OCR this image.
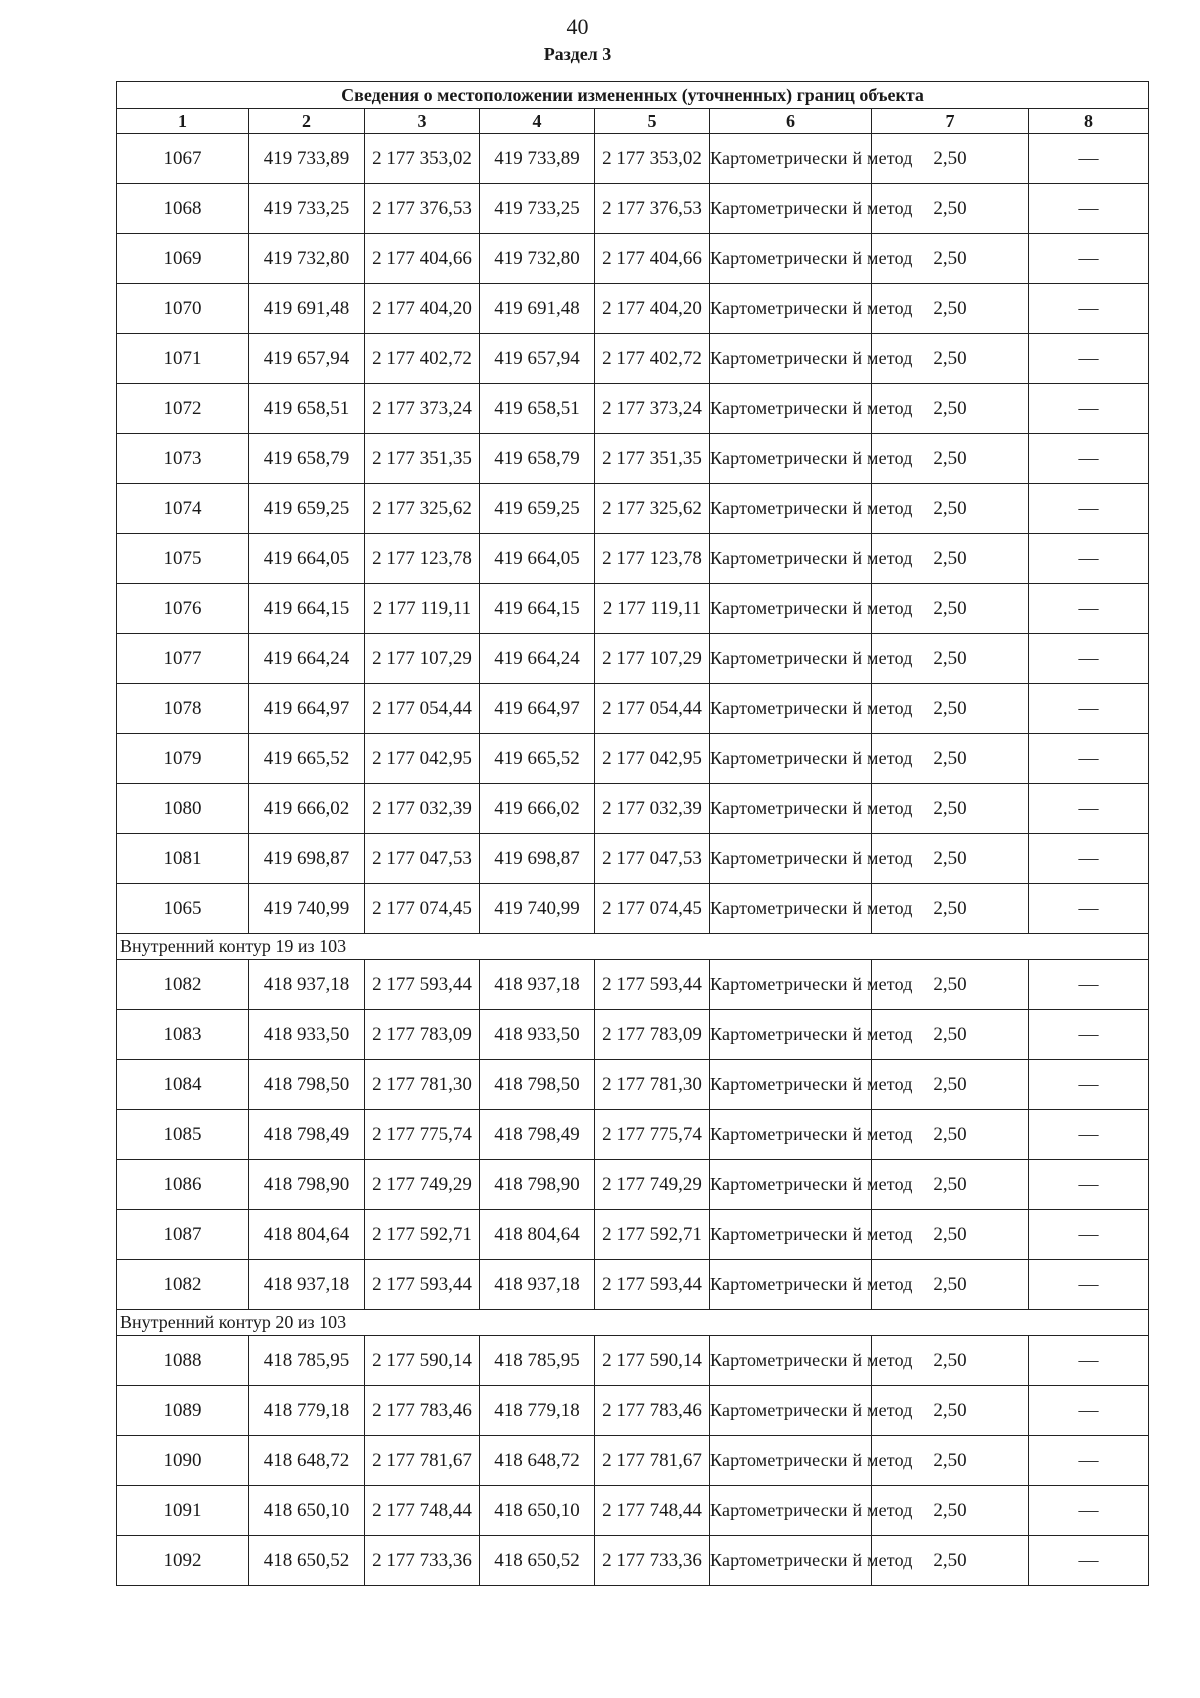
40
Раздел 3
Сведения о местоположении измененных (уточненных) границ объекта							
1	2	3	4	5	6	7	8
1067	419 733,89	2 177 353,02	419 733,89	2 177 353,02	Картометрически й метод	2,50	—
1068	419 733,25	2 177 376,53	419 733,25	2 177 376,53	Картометрически й метод	2,50	—
1069	419 732,80	2 177 404,66	419 732,80	2 177 404,66	Картометрически й метод	2,50	—
1070	419 691,48	2 177 404,20	419 691,48	2 177 404,20	Картометрически й метод	2,50	—
1071	419 657,94	2 177 402,72	419 657,94	2 177 402,72	Картометрически й метод	2,50	—
1072	419 658,51	2 177 373,24	419 658,51	2 177 373,24	Картометрически й метод	2,50	—
1073	419 658,79	2 177 351,35	419 658,79	2 177 351,35	Картометрически й метод	2,50	—
1074	419 659,25	2 177 325,62	419 659,25	2 177 325,62	Картометрически й метод	2,50	—
1075	419 664,05	2 177 123,78	419 664,05	2 177 123,78	Картометрически й метод	2,50	—
1076	419 664,15	2 177 119,11	419 664,15	2 177 119,11	Картометрически й метод	2,50	—
1077	419 664,24	2 177 107,29	419 664,24	2 177 107,29	Картометрически й метод	2,50	—
1078	419 664,97	2 177 054,44	419 664,97	2 177 054,44	Картометрически й метод	2,50	—
1079	419 665,52	2 177 042,95	419 665,52	2 177 042,95	Картометрически й метод	2,50	—
1080	419 666,02	2 177 032,39	419 666,02	2 177 032,39	Картометрически й метод	2,50	—
1081	419 698,87	2 177 047,53	419 698,87	2 177 047,53	Картометрически й метод	2,50	—
1065	419 740,99	2 177 074,45	419 740,99	2 177 074,45	Картометрически й метод	2,50	—
Внутренний контур 19 из 103							
1082	418 937,18	2 177 593,44	418 937,18	2 177 593,44	Картометрически й метод	2,50	—
1083	418 933,50	2 177 783,09	418 933,50	2 177 783,09	Картометрически й метод	2,50	—
1084	418 798,50	2 177 781,30	418 798,50	2 177 781,30	Картометрически й метод	2,50	—
1085	418 798,49	2 177 775,74	418 798,49	2 177 775,74	Картометрически й метод	2,50	—
1086	418 798,90	2 177 749,29	418 798,90	2 177 749,29	Картометрически й метод	2,50	—
1087	418 804,64	2 177 592,71	418 804,64	2 177 592,71	Картометрически й метод	2,50	—
1082	418 937,18	2 177 593,44	418 937,18	2 177 593,44	Картометрически й метод	2,50	—
Внутренний контур 20 из 103							
1088	418 785,95	2 177 590,14	418 785,95	2 177 590,14	Картометрически й метод	2,50	—
1089	418 779,18	2 177 783,46	418 779,18	2 177 783,46	Картометрически й метод	2,50	—
1090	418 648,72	2 177 781,67	418 648,72	2 177 781,67	Картометрически й метод	2,50	—
1091	418 650,10	2 177 748,44	418 650,10	2 177 748,44	Картометрически й метод	2,50	—
1092	418 650,52	2 177 733,36	418 650,52	2 177 733,36	Картометрически й метод	2,50	—
